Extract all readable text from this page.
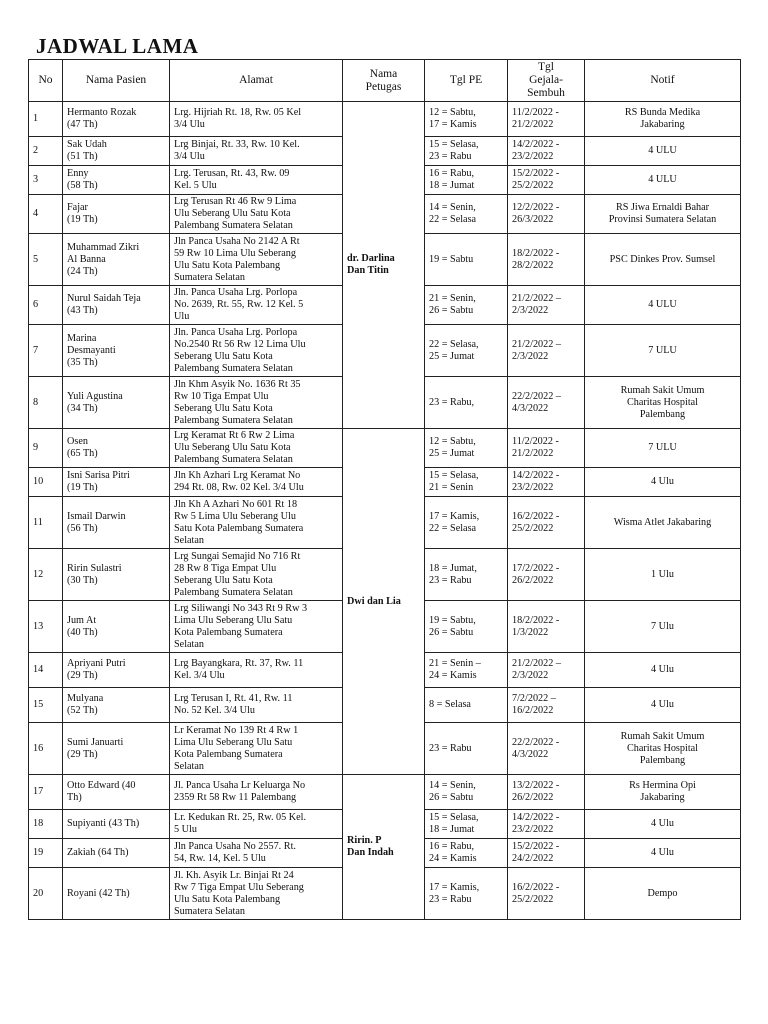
JADWAL LAMA
No	Nama Pasien	Alamat	Nama
Petugas	Tgl PE	Tgl
Gejala-
Sembuh	Notif

1	Hermanto Rozak
(47 Th)	Lrg. Hijriah Rt. 18, Rw. 05 Kel
3/4 Ulu	dr. Darlina
Dan Titin	12 = Sabtu,
17 = Kamis	11/2/2022 -
21/2/2022	RS Bunda Medika
Jakabaring

2	Sak Udah
(51 Th)	Lrg Binjai, Rt. 33, Rw. 10 Kel.
3/4 Ulu		15 = Selasa,
23 = Rabu	14/2/2022 -
23/2/2022	4 ULU

3	Enny
(58 Th)	Lrg. Terusan, Rt. 43, Rw. 09
Kel. 5 Ulu		16 = Rabu,
18 = Jumat	15/2/2022 -
25/2/2022	4 ULU

4	Fajar
(19 Th)	Lrg Terusan Rt 46 Rw 9 Lima
Ulu Seberang Ulu Satu Kota
Palembang Sumatera Selatan		14 = Senin,
22 = Selasa	12/2/2022 -
26/3/2022	RS Jiwa Ernaldi Bahar
Provinsi Sumatera Selatan

5	Muhammad Zikri
Al Banna
(24 Th)	Jln Panca Usaha No 2142 A Rt
59 Rw 10 Lima Ulu Seberang
Ulu Satu Kota Palembang
Sumatera Selatan		19 = Sabtu	18/2/2022 -
28/2/2022	PSC Dinkes Prov. Sumsel

6	Nurul Saidah Teja
(43 Th)	Jln. Panca Usaha Lrg. Porlopa
No. 2639, Rt. 55, Rw. 12 Kel. 5
Ulu		21 = Senin,
26 = Sabtu	21/2/2022 –
2/3/2022	4 ULU

7	Marina
Desmayanti
(35 Th)	Jln. Panca Usaha Lrg. Porlopa
No.2540 Rt 56 Rw 12 Lima Ulu
Seberang Ulu Satu Kota
Palembang Sumatera Selatan		22 = Selasa,
25 = Jumat	21/2/2022 –
2/3/2022	7 ULU

8	Yuli Agustina
(34 Th)	Jln Khm Asyik No. 1636 Rt 35
Rw 10 Tiga Empat Ulu
Seberang Ulu Satu Kota
Palembang Sumatera Selatan		23 = Rabu,	22/2/2022 –
4/3/2022	Rumah Sakit Umum
Charitas Hospital
Palembang

9	Osen
(65 Th)	Lrg Keramat Rt 6 Rw 2 Lima
Ulu Seberang Ulu Satu Kota
Palembang Sumatera Selatan	Dwi dan Lia	12 = Sabtu,
25 = Jumat	11/2/2022 -
21/2/2022	7 ULU

10	Isni Sarisa Pitri
(19 Th)	Jln Kh Azhari Lrg Keramat No
294 Rt. 08, Rw. 02 Kel. 3/4 Ulu		15 = Selasa,
21 = Senin	14/2/2022 -
23/2/2022	4 Ulu

11	Ismail Darwin
(56 Th)	Jln Kh A Azhari No 601 Rt 18
Rw 5 Lima Ulu Seberang Ulu
Satu Kota Palembang Sumatera
Selatan		17 = Kamis,
22 = Selasa	16/2/2022 -
25/2/2022	Wisma Atlet Jakabaring

12	Ririn Sulastri
(30 Th)	Lrg Sungai Semajid No 716 Rt
28 Rw 8 Tiga Empat Ulu
Seberang Ulu Satu Kota
Palembang Sumatera Selatan		18 = Jumat,
23 = Rabu	17/2/2022 -
26/2/2022	1 Ulu

13	Jum At
(40 Th)	Lrg Siliwangi No 343 Rt 9 Rw 3
Lima Ulu Seberang Ulu Satu
Kota Palembang Sumatera
Selatan		19 = Sabtu,
26 = Sabtu	18/2/2022 -
1/3/2022	7 Ulu

14	Apriyani Putri
(29 Th)	Lrg Bayangkara, Rt. 37, Rw. 11
Kel. 3/4 Ulu		21 = Senin –
24 = Kamis	21/2/2022 –
2/3/2022	4 Ulu

15	Mulyana
(52 Th)	Lrg Terusan I, Rt. 41, Rw. 11
No. 52 Kel. 3/4 Ulu		8 = Selasa	7/2/2022 –
16/2/2022	4 Ulu

16	Sumi Januarti
(29 Th)	Lr Keramat No 139 Rt 4 Rw 1
Lima Ulu Seberang Ulu Satu
Kota Palembang Sumatera
Selatan		23 = Rabu	22/2/2022 -
4/3/2022	Rumah Sakit Umum
Charitas Hospital
Palembang

17	Otto Edward (40
Th)	Jl. Panca Usaha Lr Keluarga No
2359 Rt 58 Rw 11 Palembang	Ririn. P
Dan Indah	14 = Senin,
26 = Sabtu	13/2/2022 -
26/2/2022	Rs Hermina Opi
Jakabaring

18	Supiyanti (43 Th)	Lr. Kedukan Rt. 25, Rw. 05 Kel.
5 Ulu		15 = Selasa,
18 = Jumat	14/2/2022 -
23/2/2022	4 Ulu

19	Zakiah (64 Th)	Jln Panca Usaha No 2557. Rt.
54, Rw. 14, Kel. 5 Ulu		16 = Rabu,
24 = Kamis	15/2/2022 -
24/2/2022	4 Ulu

20	Royani (42 Th)	Jl. Kh. Asyik Lr. Binjai Rt 24
Rw 7 Tiga Empat Ulu Seberang
Ulu Satu Kota Palembang
Sumatera Selatan		17 = Kamis,
23 = Rabu	16/2/2022 -
25/2/2022	Dempo
